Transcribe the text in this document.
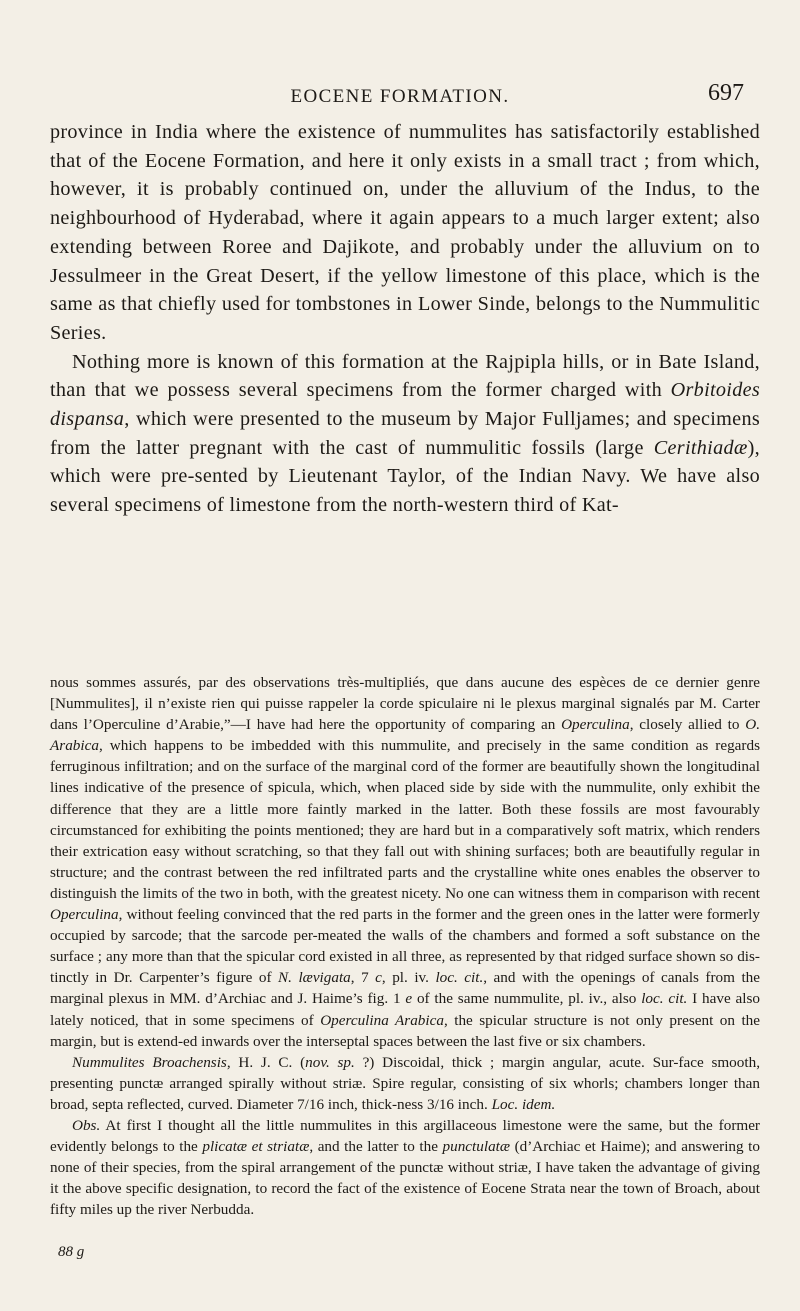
EOCENE FORMATION.	697

province in India where the existence of nummulites has satisfactorily established that of the Eocene Formation, and here it only exists in a small tract ; from which, however, it is probably continued on, under the alluvium of the Indus, to the neighbourhood of Hyderabad, where it again appears to a much larger extent; also extending between Roree and Dajikote, and probably under the alluvium on to Jessulmeer in the Great Desert, if the yellow limestone of this place, which is the same as that chiefly used for tombstones in Lower Sinde, belongs to the Nummulitic Series.

Nothing more is known of this formation at the Rajpipla hills, or in Bate Island, than that we possess several specimens from the former charged with Orbitoides dispansa, which were presented to the museum by Major Fulljames; and specimens from the latter pregnant with the cast of nummulitic fossils (large Cerithiadæ), which were pre-sented by Lieutenant Taylor, of the Indian Navy. We have also several specimens of limestone from the north-western third of Kat-

nous sommes assurés, par des observations très-multipliés, que dans aucune des espèces de ce dernier genre [Nummulites], il n’existe rien qui puisse rappeler la corde spiculaire ni le plexus marginal signalés par M. Carter dans l’Operculine d’Arabie,”—I have had here the opportunity of comparing an Operculina, closely allied to O. Arabica, which happens to be imbedded with this nummulite, and precisely in the same condition as regards ferruginous infiltration; and on the surface of the marginal cord of the former are beautifully shown the longitudinal lines indicative of the presence of spicula, which, when placed side by side with the nummulite, only exhibit the difference that they are a little more faintly marked in the latter. Both these fossils are most favourably circumstanced for exhibiting the points mentioned; they are hard but in a comparatively soft matrix, which renders their extrication easy without scratching, so that they fall out with shining surfaces; both are beautifully regular in structure; and the contrast between the red infiltrated parts and the crystalline white ones enables the observer to distinguish the limits of the two in both, with the greatest nicety. No one can witness them in comparison with recent Operculina, without feeling convinced that the red parts in the former and the green ones in the latter were formerly occupied by sarcode; that the sarcode per-meated the walls of the chambers and formed a soft substance on the surface ; any more than that the spicular cord existed in all three, as represented by that ridged surface shown so dis-tinctly in Dr. Carpenter’s figure of N. lævigata, 7 c, pl. iv. loc. cit., and with the openings of canals from the marginal plexus in MM. d’Archiac and J. Haime’s fig. 1 e of the same nummulite, pl. iv., also loc. cit. I have also lately noticed, that in some specimens of Operculina Arabica, the spicular structure is not only present on the margin, but is extend-ed inwards over the interseptal spaces between the last five or six chambers.

Nummulites Broachensis, H. J. C. (nov. sp. ?) Discoidal, thick ; margin angular, acute. Sur-face smooth, presenting punctæ arranged spirally without striæ. Spire regular, consisting of six whorls; chambers longer than broad, septa reflected, curved. Diameter 7/16 inch, thick-ness 3/16 inch. Loc. idem.

Obs. At first I thought all the little nummulites in this argillaceous limestone were the same, but the former evidently belongs to the plicatæ et striatæ, and the latter to the punctulatæ (d’Archiac et Haime); and answering to none of their species, from the spiral arrangement of the punctæ without striæ, I have taken the advantage of giving it the above specific designation, to record the fact of the existence of Eocene Strata near the town of Broach, about fifty miles up the river Nerbudda.

88 g
